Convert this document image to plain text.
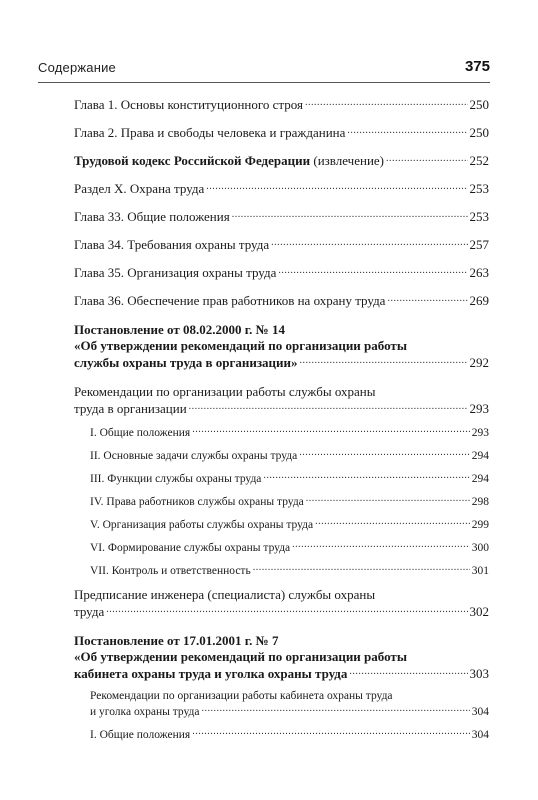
Содержание	375
Глава 1. Основы конституционного строя .....	250
Глава 2. Права и свободы человека и гражданина .....	250
Трудовой кодекс Российской Федерации (извлечение) .....	252
Раздел X. Охрана труда .....	253
Глава 33. Общие положения .....	253
Глава 34. Требования охраны труда .....	257
Глава 35. Организация охраны труда .....	263
Глава 36. Обеспечение прав работников на охрану труда .....	269
Постановление от 08.02.2000 г. № 14
«Об утверждении рекомендаций по организации работы
службы охраны труда в организации» .....	292
Рекомендации по организации работы службы охраны
труда в организации .....	293
I. Общие положения .....	293
II. Основные задачи службы охраны труда .....	294
III. Функции службы охраны труда .....	294
IV. Права работников службы охраны труда .....	298
V. Организация работы службы охраны труда .....	299
VI. Формирование службы охраны труда .....	300
VII. Контроль и ответственность .....	301
Предписание инженера (специалиста) службы охраны
труда .....	302
Постановление от 17.01.2001 г. № 7
«Об утверждении рекомендаций по организации работы
кабинета охраны труда и уголка охраны труда .....	303
Рекомендации по организации работы кабинета охраны труда
и уголка охраны труда .....	304
I. Общие положения .....	304
